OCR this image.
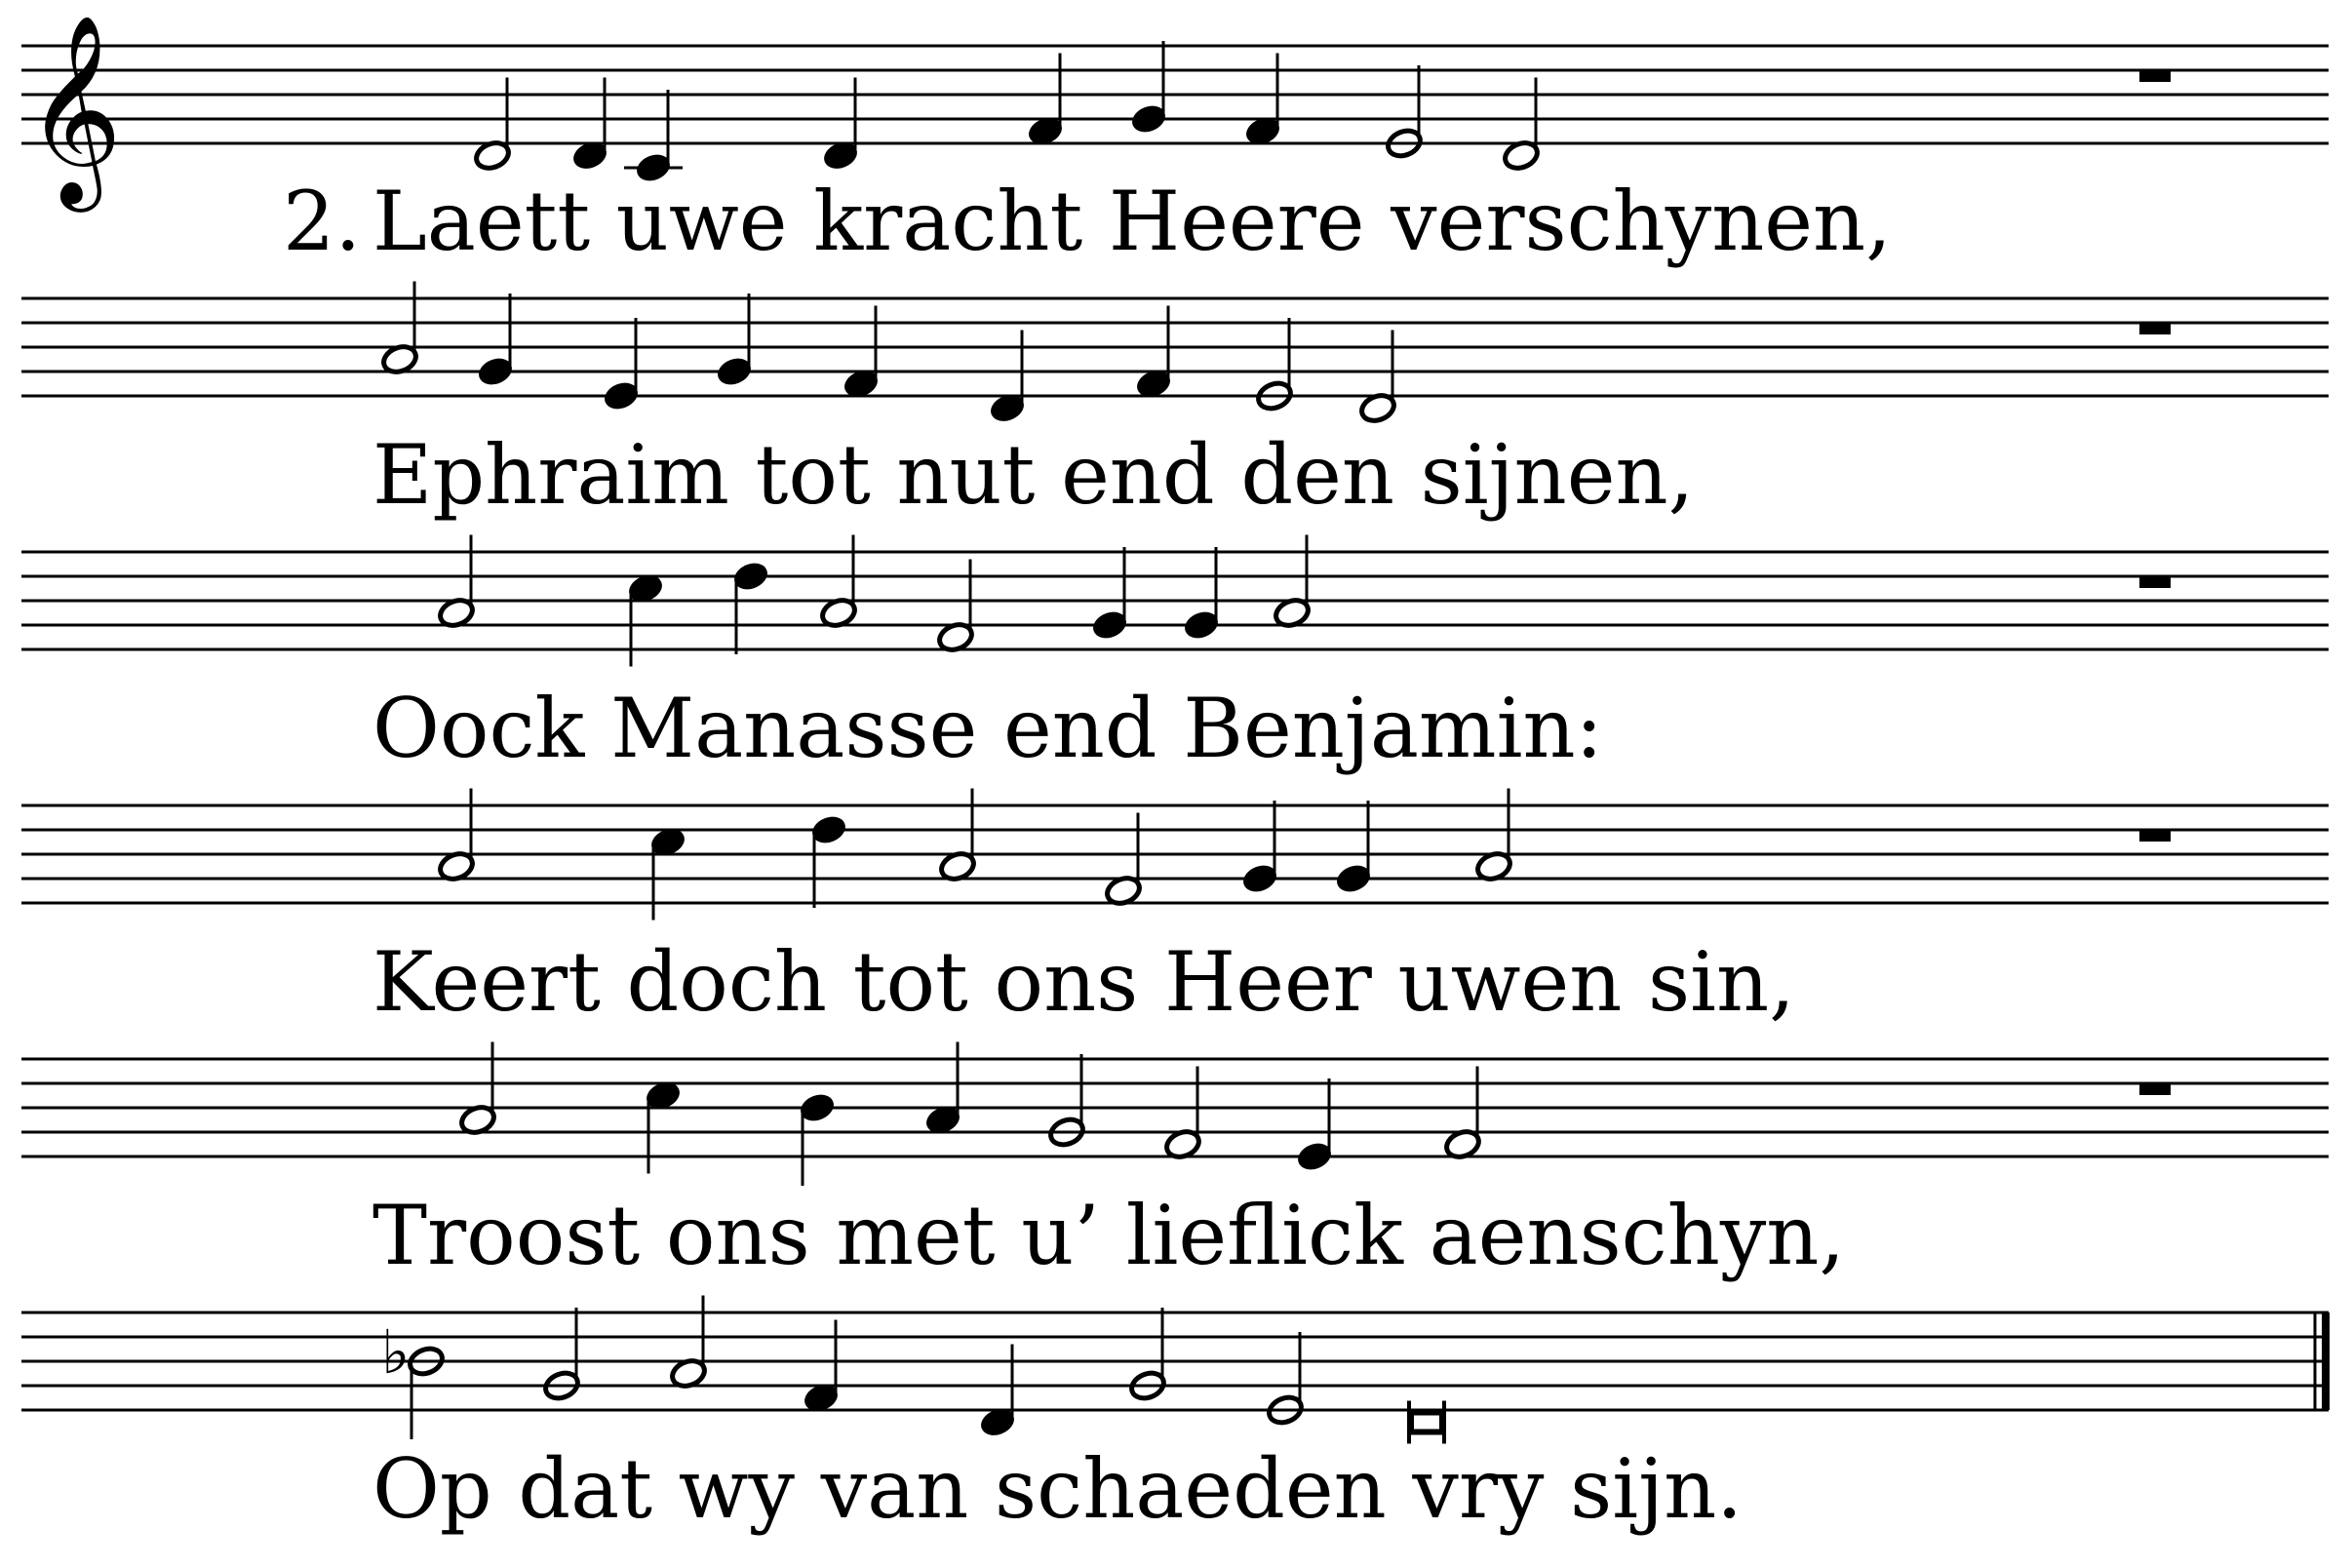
𝄞
2. Laett uwe kracht Heere verschynen,
Ephraim tot nut end den sijnen,
Oock Manasse end Benjamin:
Keert doch tot ons Heer uwen sin,
Troost ons met u’ lieflick aenschyn,
♭
Op dat wy van schaeden vry sijn.
